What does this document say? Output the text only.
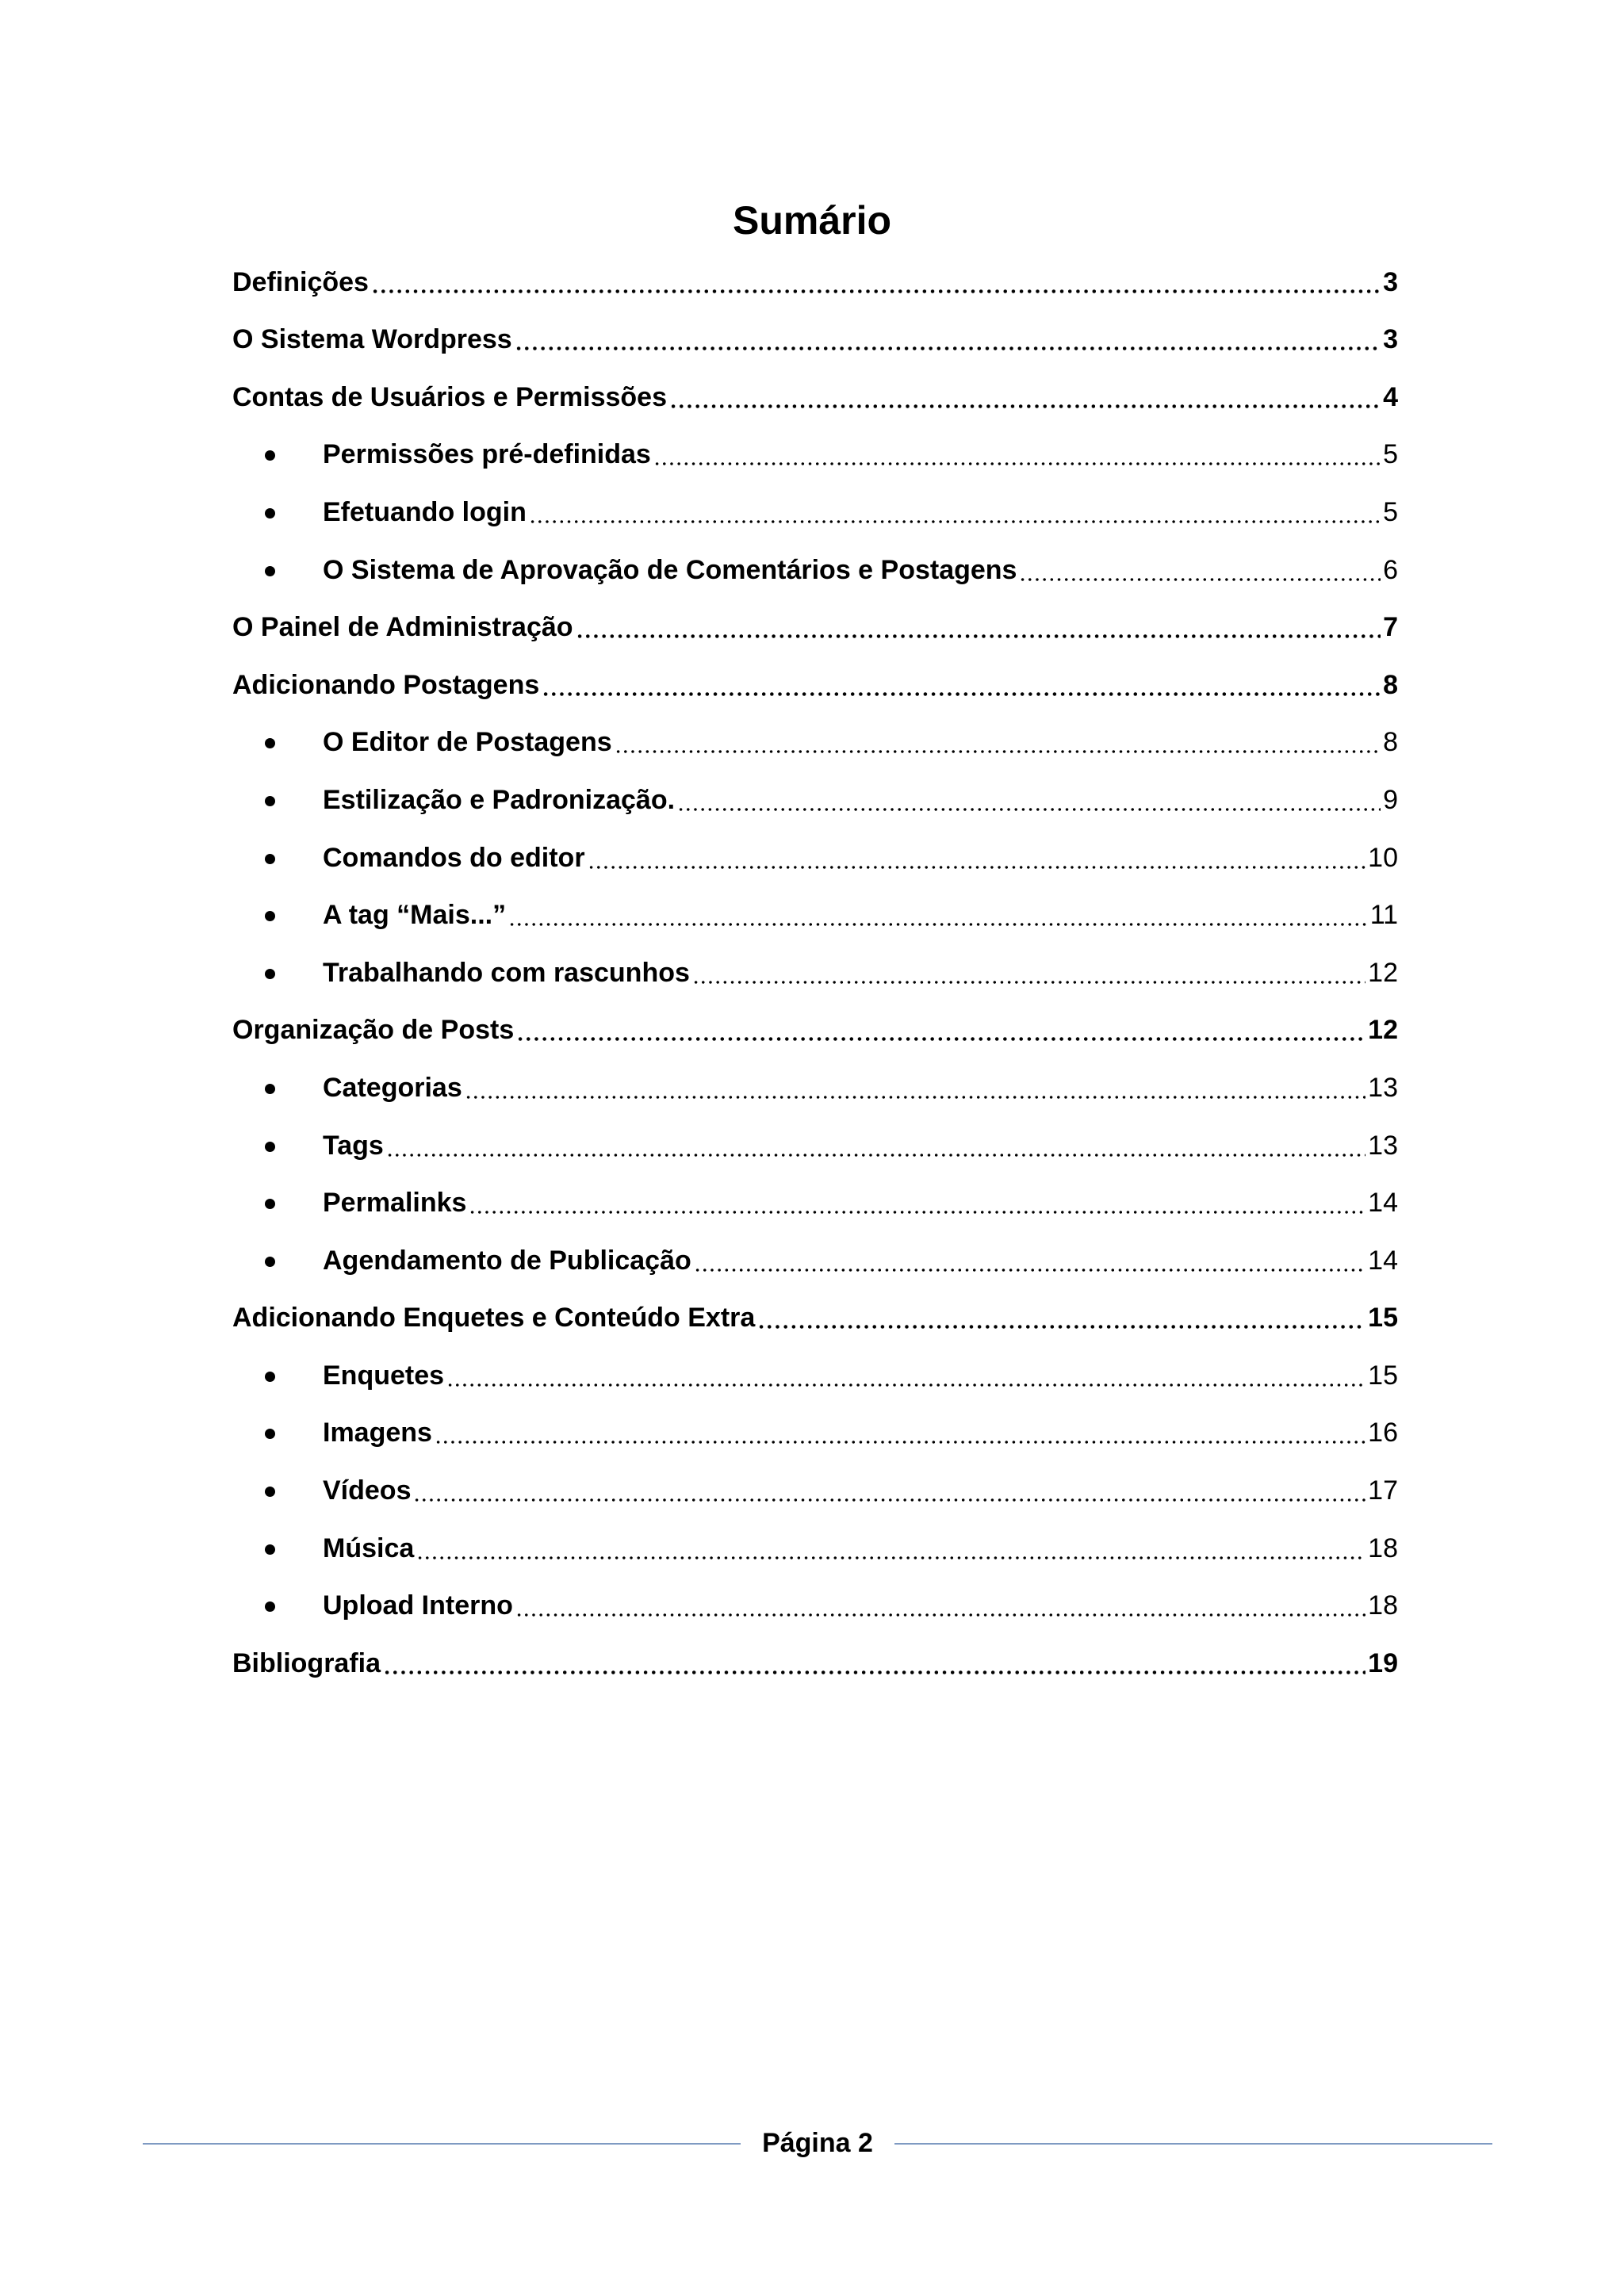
Sumário
Definições	3
O Sistema Wordpress	3
Contas de Usuários e Permissões	4
Permissões pré-definidas	5
Efetuando login	5
O Sistema de Aprovação de Comentários e Postagens	6
O Painel de Administração	7
Adicionando Postagens	8
O Editor de Postagens	8
Estilização e Padronização.	9
Comandos do editor	10
A tag “Mais...”	11
Trabalhando com rascunhos	12
Organização de Posts	12
Categorias	13
Tags	13
Permalinks	14
Agendamento de Publicação	14
Adicionando Enquetes e Conteúdo Extra	15
Enquetes	15
Imagens	16
Vídeos	17
Música	18
Upload Interno	18
Bibliografia	19
Página 2
